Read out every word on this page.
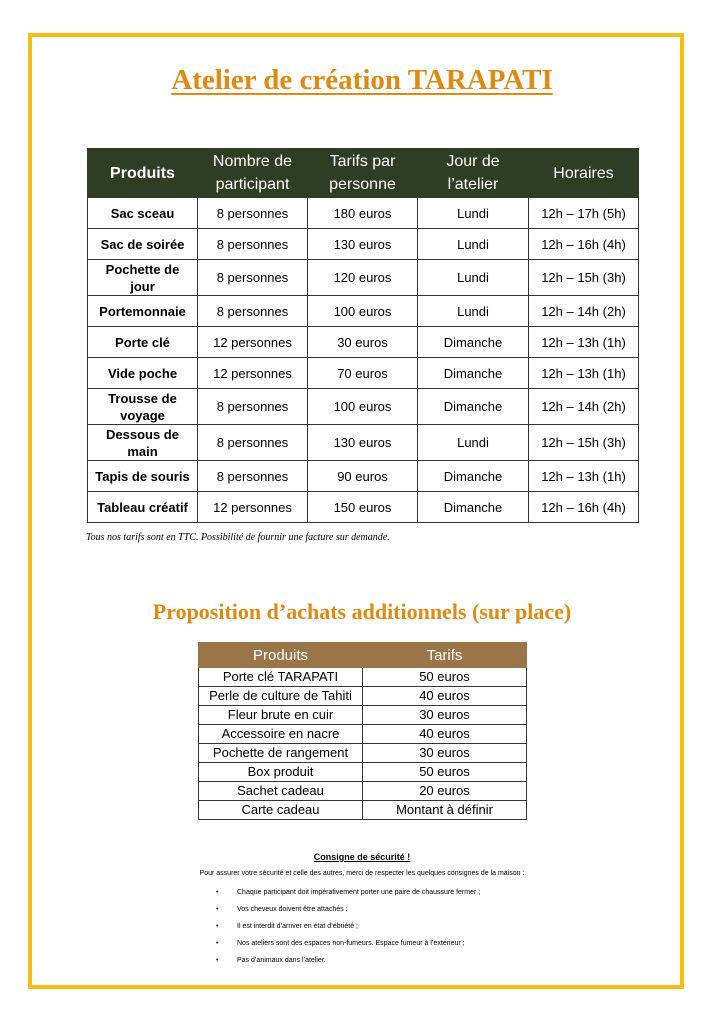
Atelier de création TARAPATI
Produits	Nombre de participant	Tarifs par personne	Jour de l’atelier	Horaires
Sac sceau	8 personnes	180 euros	Lundi	12h – 17h (5h)
Sac de soirée	8 personnes	130 euros	Lundi	12h – 16h (4h)
Pochette de jour	8 personnes	120 euros	Lundi	12h – 15h (3h)
Portemonnaie	8 personnes	100 euros	Lundi	12h – 14h (2h)
Porte clé	12 personnes	30 euros	Dimanche	12h – 13h (1h)
Vide poche	12 personnes	70 euros	Dimanche	12h – 13h (1h)
Trousse de voyage	8 personnes	100 euros	Dimanche	12h – 14h (2h)
Dessous de main	8 personnes	130 euros	Lundi	12h – 15h (3h)
Tapis de souris	8 personnes	90 euros	Dimanche	12h – 13h (1h)
Tableau créatif	12 personnes	150 euros	Dimanche	12h – 16h (4h)
Tous nos tarifs sont en TTC. Possibilité de fournir une facture sur demande.
Proposition d’achats additionnels (sur place)
Produits	Tarifs
Porte clé TARAPATI	50 euros
Perle de culture de Tahiti	40 euros
Fleur brute en cuir	30 euros
Accessoire en nacre	40 euros
Pochette de rangement	30 euros
Box produit	50 euros
Sachet cadeau	20 euros
Carte cadeau	Montant à définir
Consigne de sécurité !
Pour assurer votre sécurité et celle des autres, merci de respecter les quelques consignes de la maison :
•	Chaque participant doit impérativement porter une paire de chaussure fermer ;
•	Vos cheveux doivent être attachés ;
•	Il est interdit d’arriver en état d’ébriété ;
•	Nos ateliers sont des espaces non-fumeurs. Espace fumeur à l’extérieur ;
•	Pas d’animaux dans l’atelier.
